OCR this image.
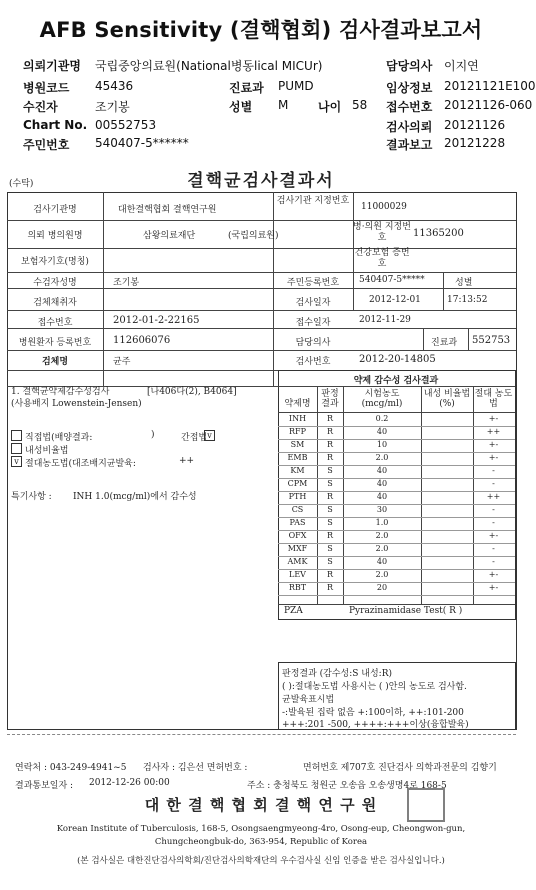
AFB Sensitivity (결핵협회) 검사결과보고서
의뢰기관명 국립중앙의료원(National병동lical MICUr)
병원코드 45436
수진자	조기봉
Chart No. 00552753
주민번호 540407-5******
진료과 PUMD
성별 M 나이 58
담당의사 이지연
임상정보 20121121E100
접수번호 20121126-060
검사의뢰 20121126
결과보고 20121228
(수탁)	결핵균검사결과서
검사기관명	대한결핵협회 결핵연구원
검사기관 지정번호
11000029
의뢰 병의원명	삼왕의료재단	(국립의료원)
병·의원 지정번호	11365200
건강보험 증번호
보험자기호(명칭)
수검자성명	조기봉	주민등록번호	540407-5*****	성별
검체채취자	검사일자	2012-12-01	17:13:52
접수번호	2012-01-2-22165	접수일자	2012-11-29
병원환자 등록번호	112606076	담당의사	진료과 552753
검체명	균주	검사번호	2012-20-14805
1. 결핵균약제감수성검사	[나406다(2), B4064]
(사용배지 Lowenstein-Jensen)
직접법(배양결과:	)	간접법 v
내성비율법
v 절대농도법(대조배지균발육:	++
특기사항 : INH 1.0(mcg/ml)에서 감수성
약제 감수성 검사결과
약제명
판정 결과
시험농도 (mcg/ml)
내성 비율법(%)
절대 농도법
INH	R	0.2	+-
RFP	R	40	++
SM	R	10	+-
EMB	R	2.0	+-
KM	S	40	-
CPM	S	40	-
PTH	R	40	++
CS	S	30	-
PAS	S	1.0	-
OFX	R	2.0	+-
MXF	S	2.0	-
AMK	S	40	-
LEV	R	2.0	+-
RBT	R	20	+-
PZA	Pyrazinamidase Test( R )
판정결과 (감수성:S 내성:R)
( ):절대농도법 사용시는 ( )안의 농도로 검사함.
균발육표시법
-:발육된 집락 없음 +:100이하, ++:101-200
+++:201 -500, ++++:+++이상(융합발육)
연락처 : 043-249-4941~5 검사자 : 김은선 면허번호 :	면허번호 제707호 진단검사 의학과전문의 김향기
결과통보일자 : 2012-12-26 00:00	주소 : 충청북도 청원군 오송읍 오송생명4로 168-5
대 한 결 핵 협 회 결 핵 연 구 원
Korean Institute of Tuberculosis, 168-5, Osongsaengmyeong-4ro, Osong-eup, Cheongwon-gun,
Chungcheongbuk-do, 363-954, Republic of Korea
(본 검사실은 대한진단검사의학회/진단검사의학재단의 우수검사실 신임 인증을 받은 검사실입니다.)
